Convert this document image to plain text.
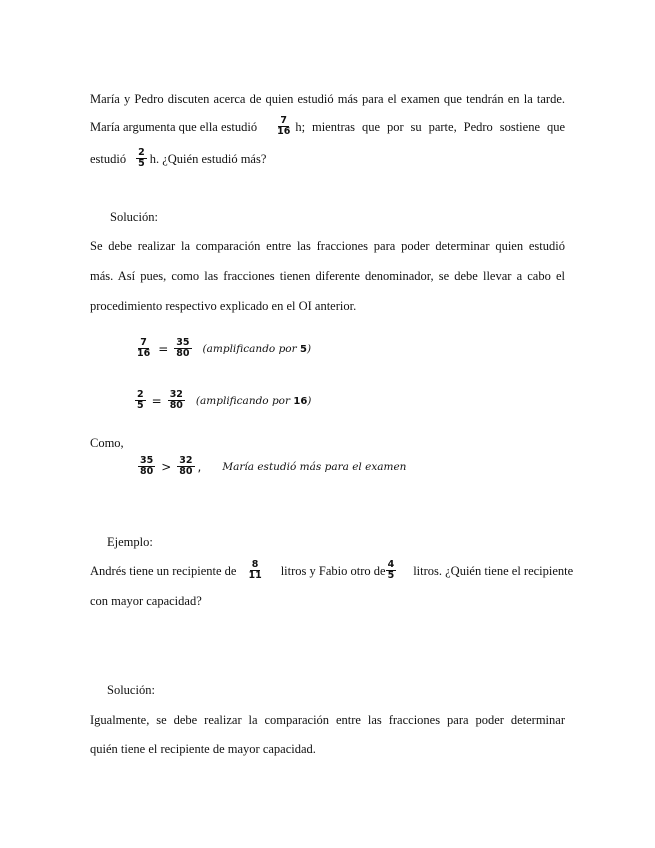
María y Pedro discuten acerca de quien estudió más para el examen que tendrán en la tarde.
María argumenta que ella estudió $\frac{7}{16} h$; mientras que por su parte, Pedro sostiene que
estudió $\frac{2}{5} h$. ¿Quién estudió más?
Solución:
Se debe realizar la comparación entre las fracciones para poder determinar quien estudió
más. Así pues, como las fracciones tienen diferente denominador, se debe llevar a cabo el
procedimiento respectivo explicado en el OI anterior.
$\frac{7}{16} = \frac{35}{80}$ (amplificando por 5)
$\frac{2}{5} = \frac{32}{80}$ (amplificando por 16)
Como,
$\frac{35}{80} > \frac{32}{80}$ , María estudió más para el examen
Ejemplo:
Andrés tiene un recipiente de $\frac{8}{11}$ litros y Fabio otro de $\frac{4}{5}$ litros. ¿Quién tiene el recipiente
con mayor capacidad?
Solución:
Igualmente, se debe realizar la comparación entre las fracciones para poder determinar
quién tiene el recipiente de mayor capacidad.
